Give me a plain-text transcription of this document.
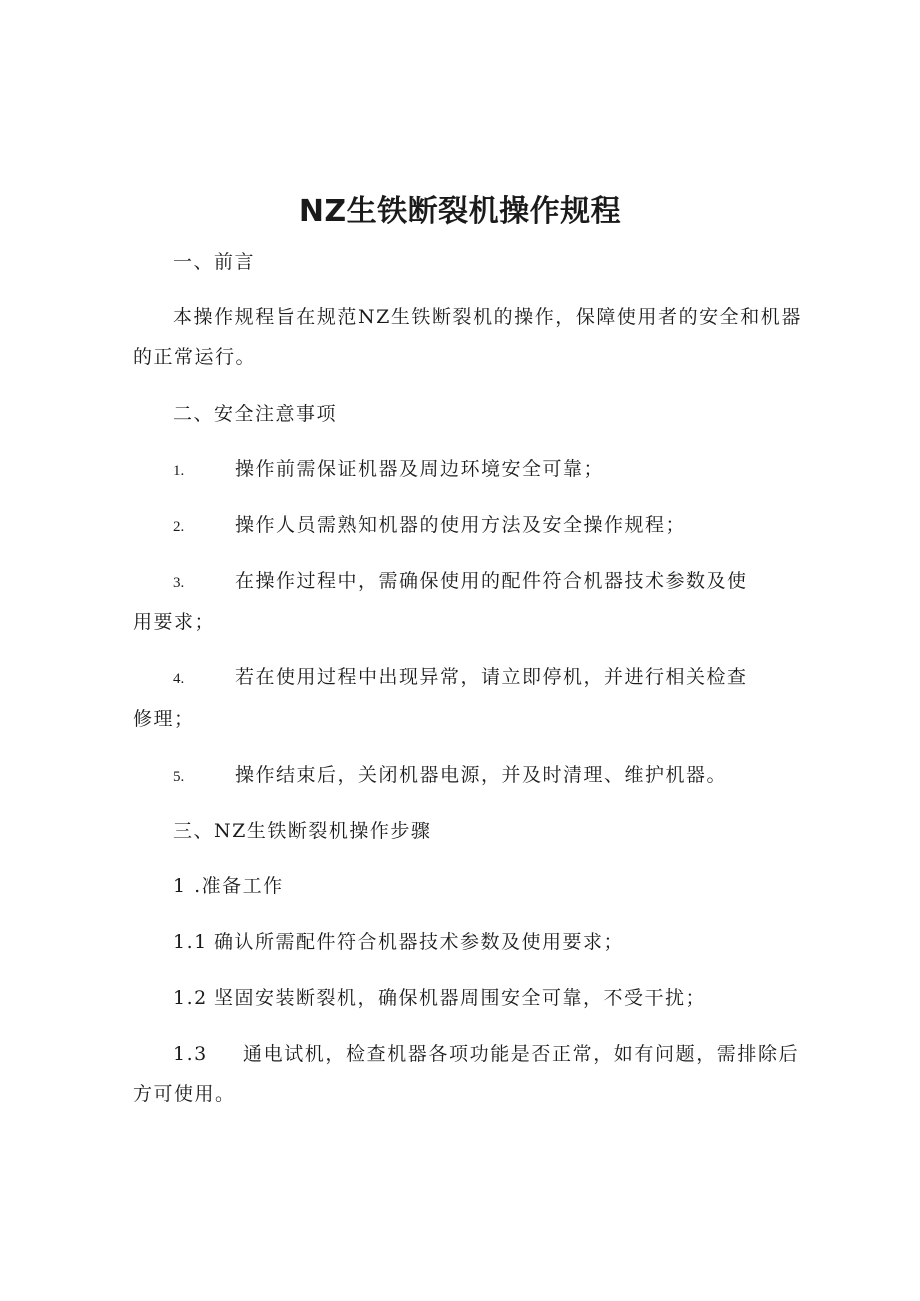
NZ生铁断裂机操作规程

一、前言

本操作规程旨在规范NZ生铁断裂机的操作，保障使用者的安全和机器

的正常运行。

二、安全注意事项

1.	操作前需保证机器及周边环境安全可靠；
2.	操作人员需熟知机器的使用方法及安全操作规程；
3.	在操作过程中，需确保使用的配件符合机器技术参数及使
用要求；
4.	若在使用过程中出现异常，请立即停机，并进行相关检查
修理；
5.	操作结束后，关闭机器电源，并及时清理、维护机器。

三、NZ生铁断裂机操作步骤

1 .准备工作

1.1 确认所需配件符合机器技术参数及使用要求；
1.2 坚固安装断裂机，确保机器周围安全可靠，不受干扰；
1.3 通电试机，检查机器各项功能是否正常，如有问题，需排除后
方可使用。
